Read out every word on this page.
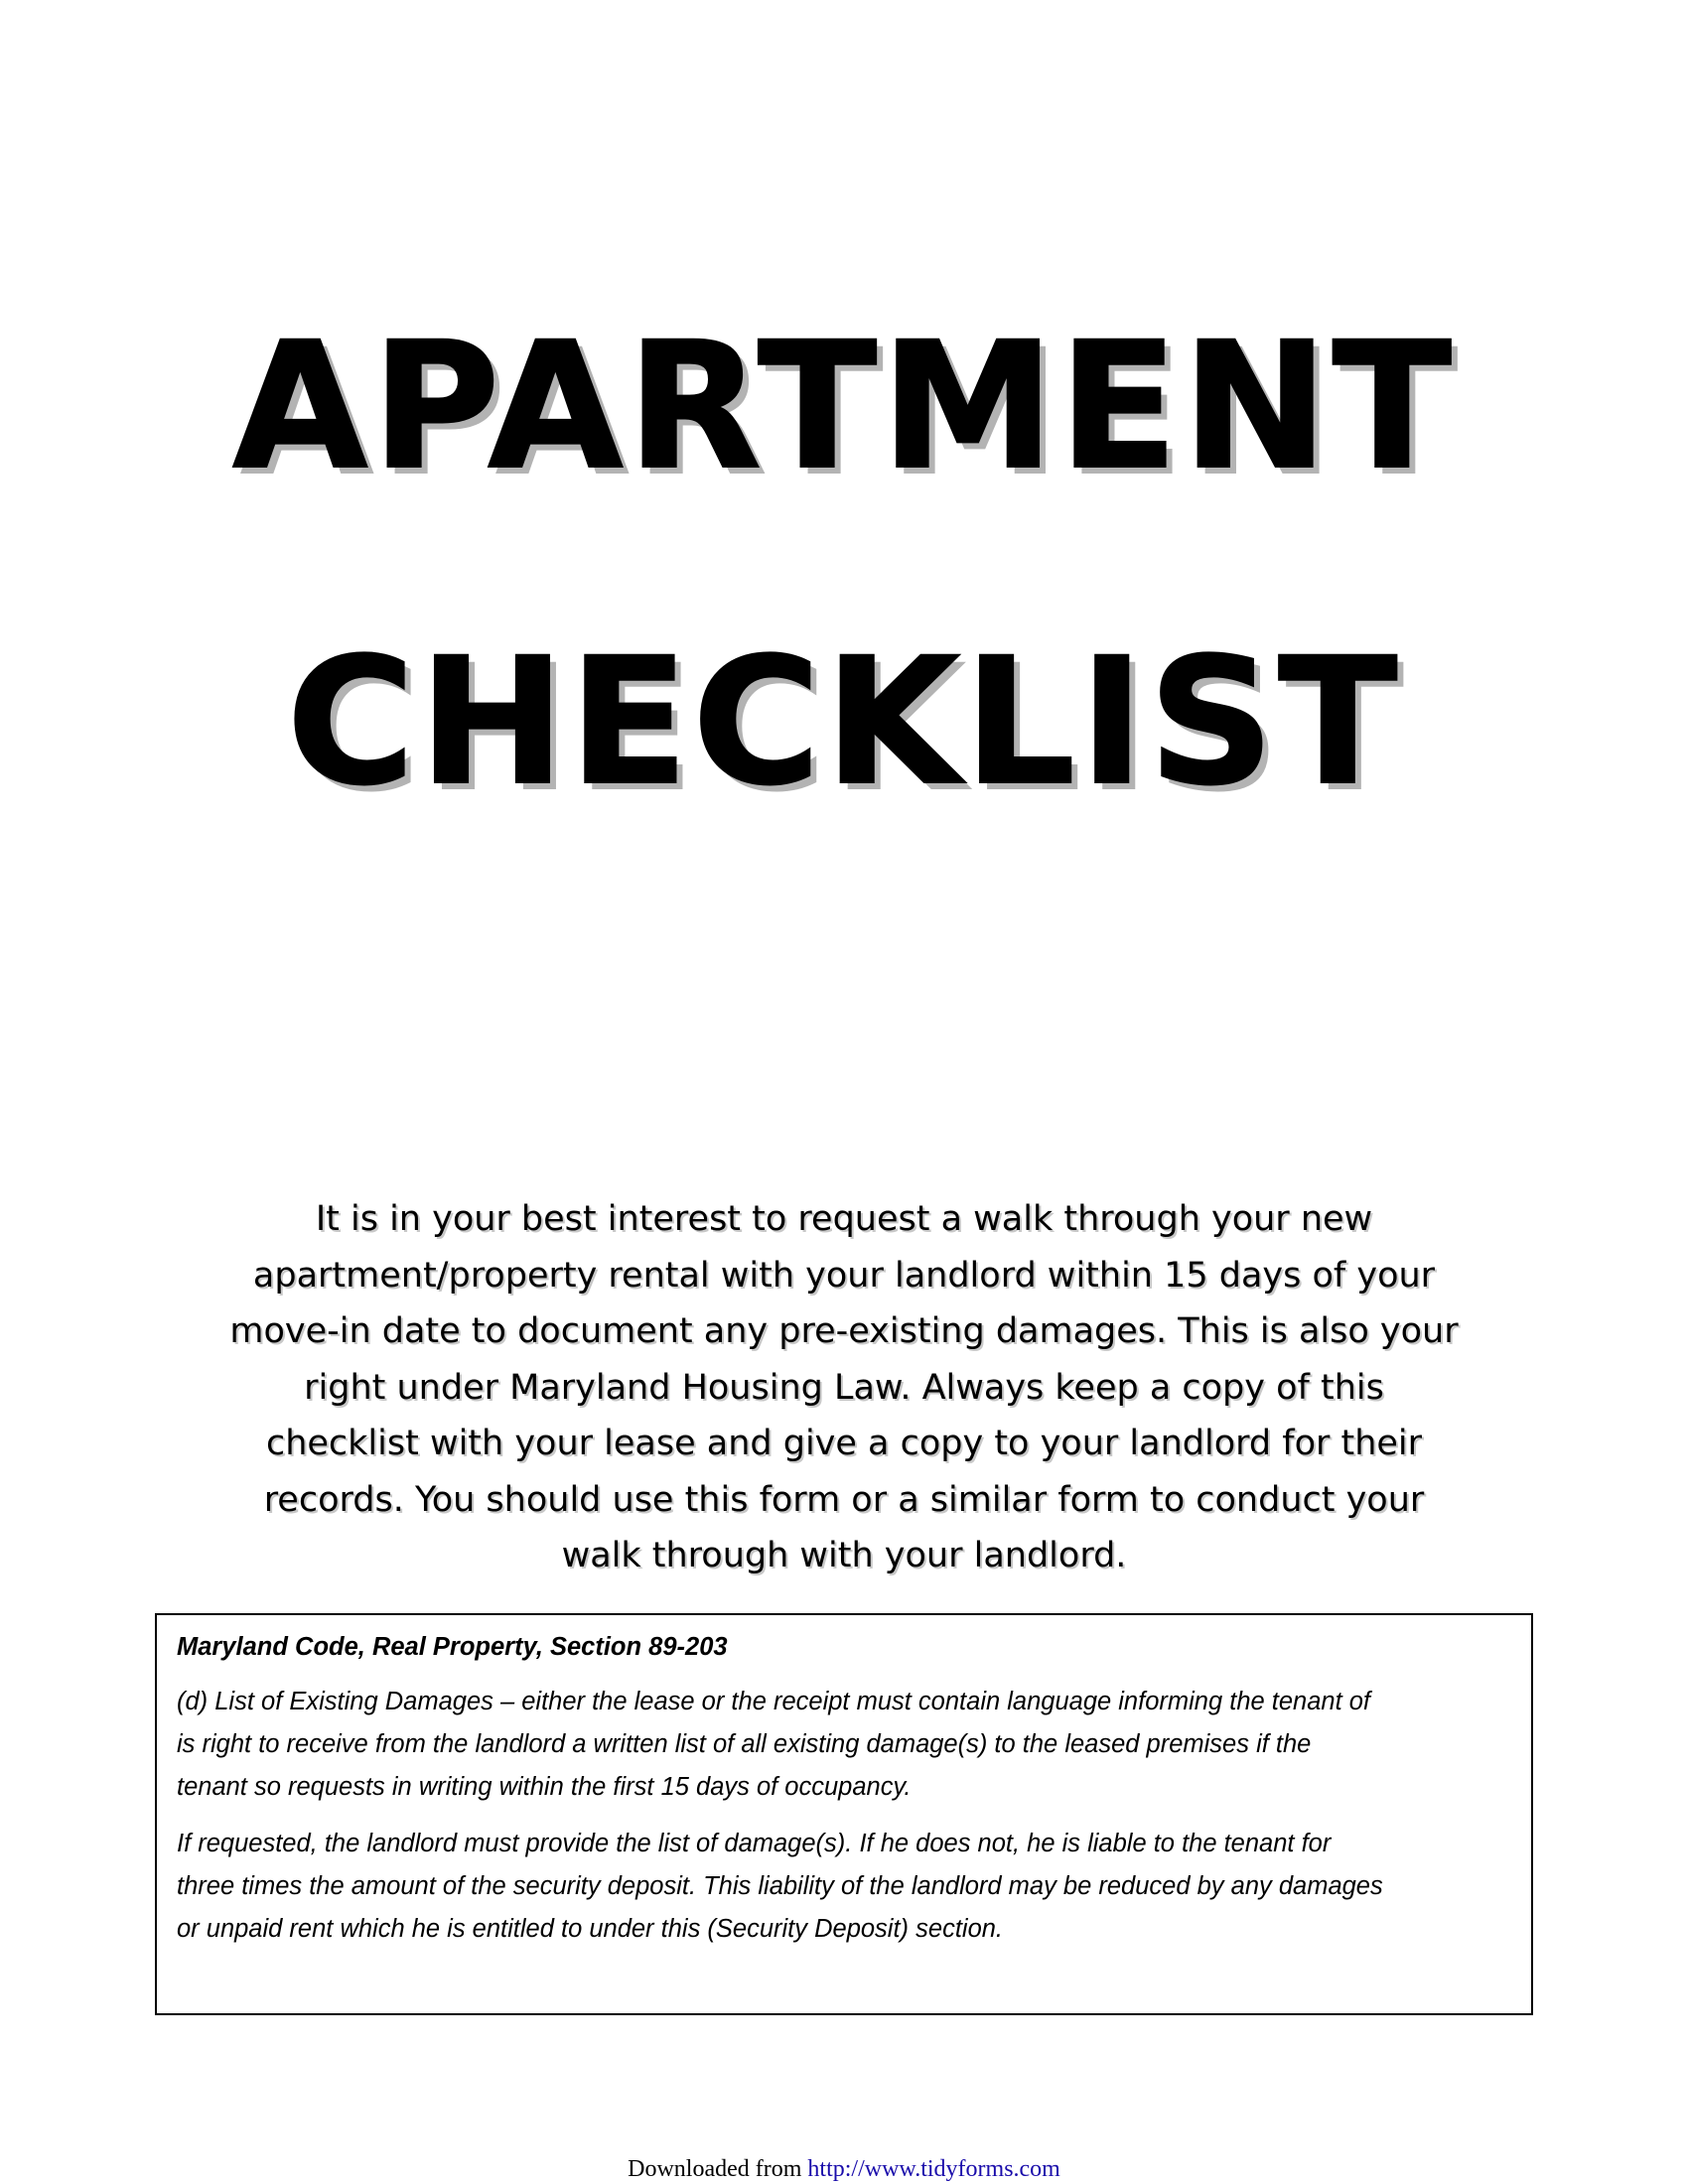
APARTMENT
CHECKLIST
It is in your best interest to request a walk through your new
apartment/property rental with your landlord within 15 days of your
move-in date to document any pre-existing damages. This is also your
right under Maryland Housing Law. Always keep a copy of this
checklist with your lease and give a copy to your landlord for their
records. You should use this form or a similar form to conduct your
walk through with your landlord.
Maryland Code, Real Property, Section 89-203
(d) List of Existing Damages – either the lease or the receipt must contain language informing the tenant of
is right to receive from the landlord a written list of all existing damage(s) to the leased premises if the
tenant so requests in writing within the first 15 days of occupancy.
If requested, the landlord must provide the list of damage(s). If he does not, he is liable to the tenant for
three times the amount of the security deposit. This liability of the landlord may be reduced by any damages
or unpaid rent which he is entitled to under this (Security Deposit) section.
Downloaded from http://www.tidyforms.com
